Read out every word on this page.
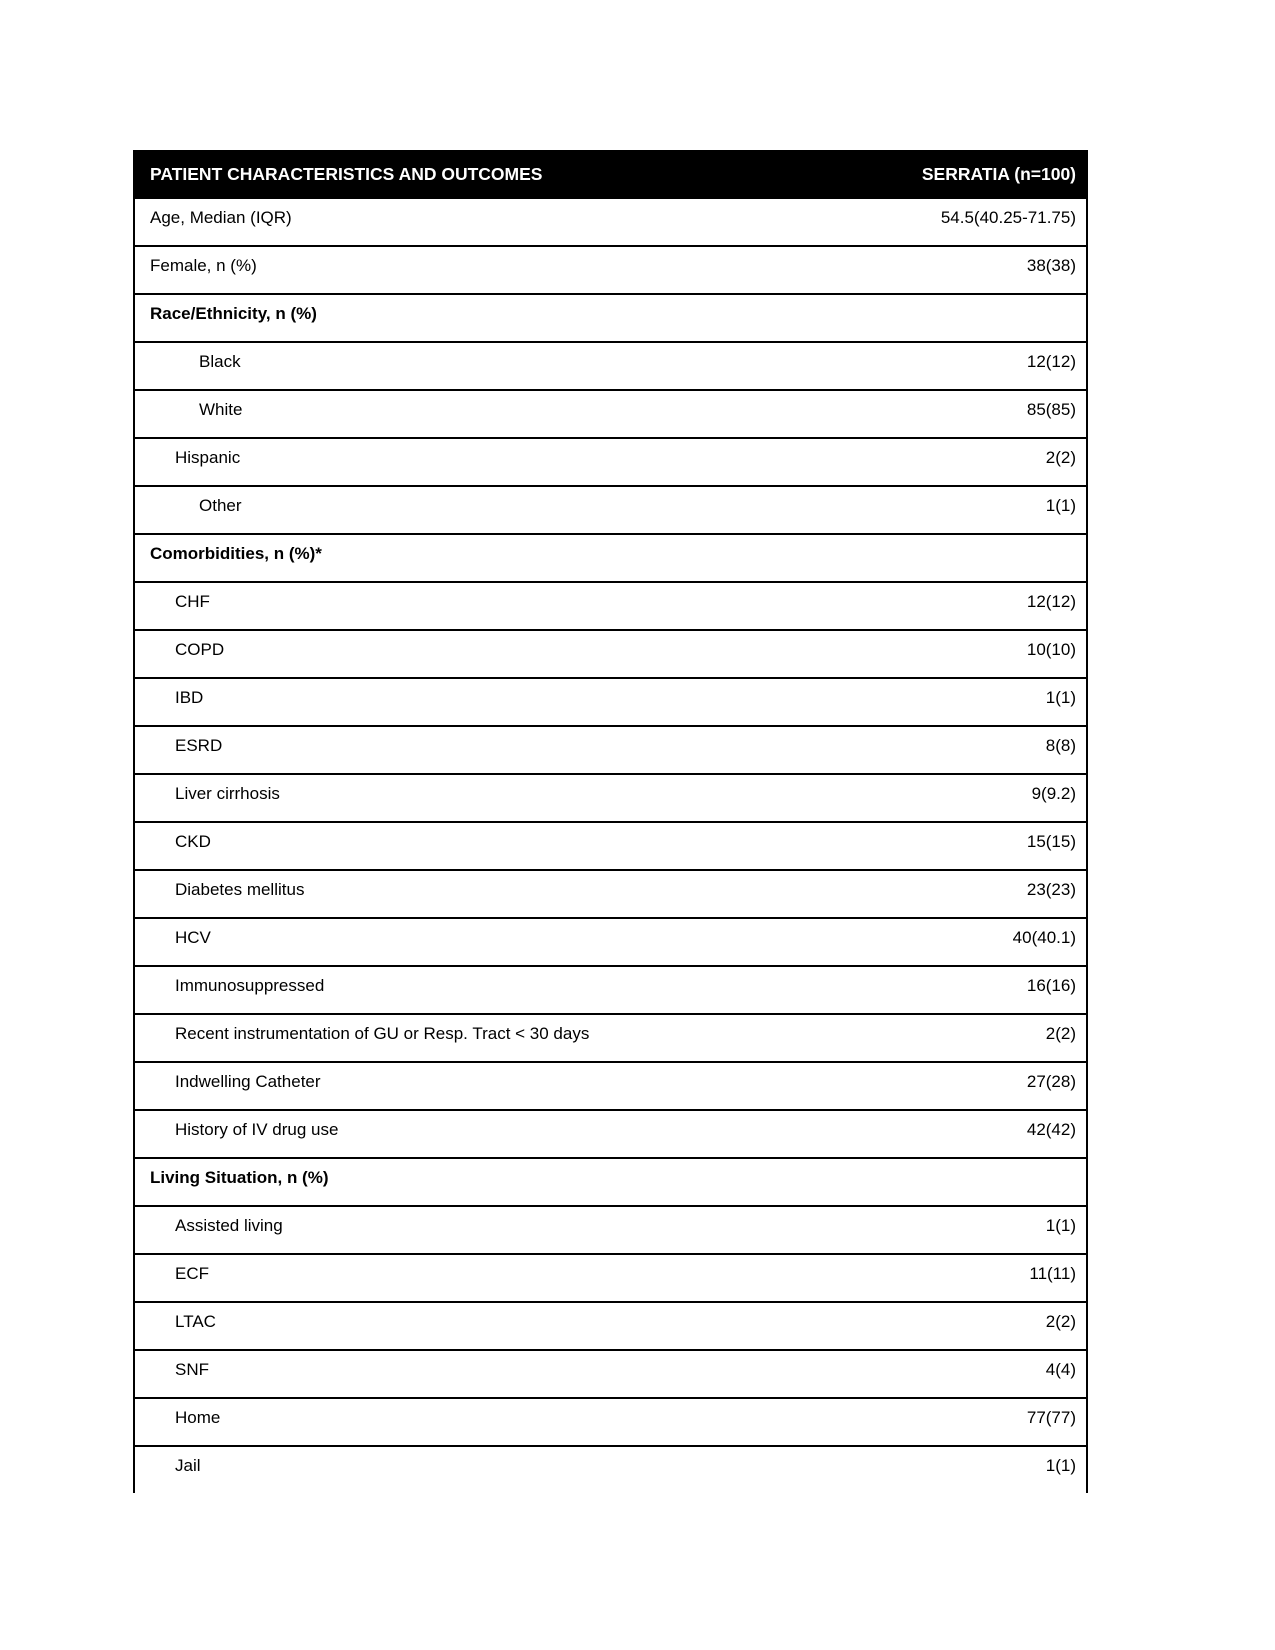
PATIENT CHARACTERISTICS AND OUTCOMES	SERRATIA (n=100)
Age, Median (IQR)	54.5(40.25-71.75)
Female, n (%)	38(38)
Race/Ethnicity, n (%)
Black	12(12)
White	85(85)
Hispanic	2(2)
Other	1(1)
Comorbidities, n (%)*
CHF	12(12)
COPD	10(10)
IBD	1(1)
ESRD	8(8)
Liver cirrhosis	9(9.2)
CKD	15(15)
Diabetes mellitus	23(23)
HCV	40(40.1)
Immunosuppressed	16(16)
Recent instrumentation of GU or Resp. Tract < 30 days	2(2)
Indwelling Catheter	27(28)
History of IV drug use	42(42)
Living Situation, n (%)
Assisted living	1(1)
ECF	11(11)
LTAC	2(2)
SNF	4(4)
Home	77(77)
Jail	1(1)
